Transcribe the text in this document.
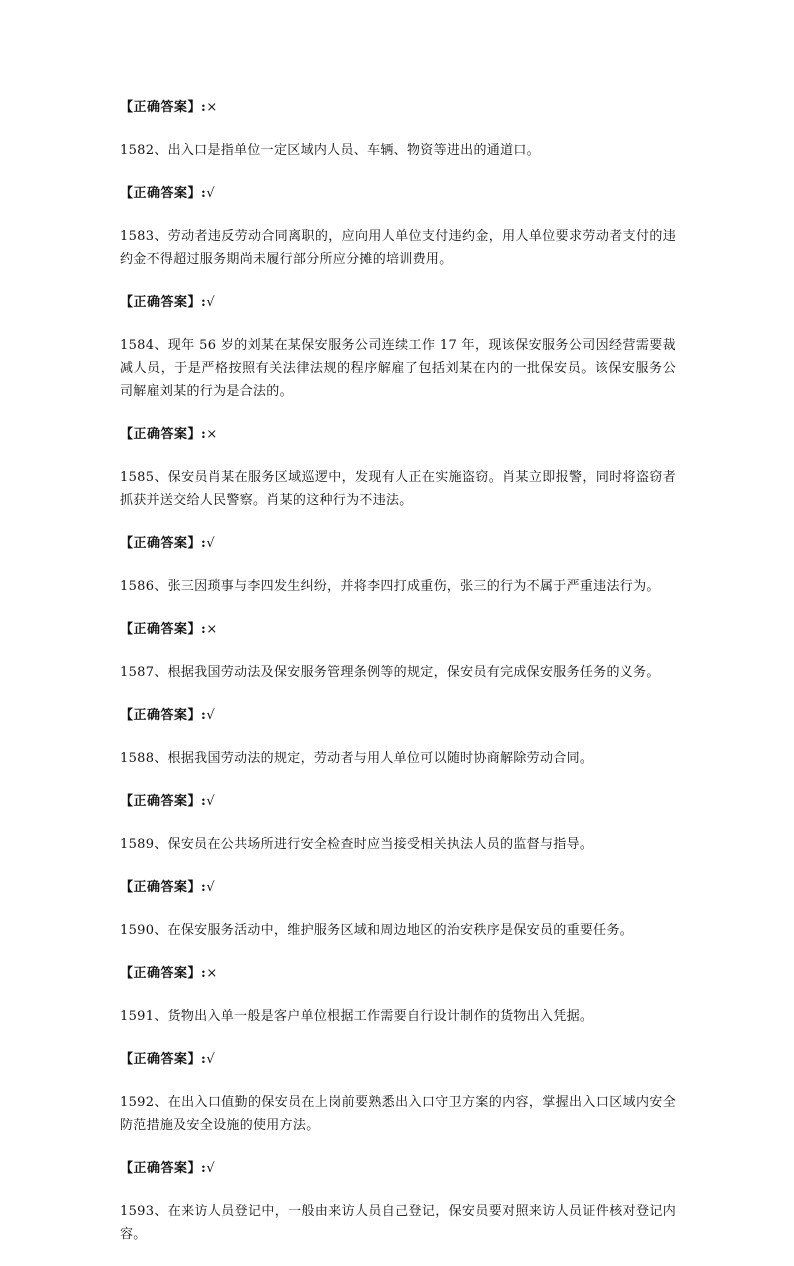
【正确答案】:×
1582、出入口是指单位一定区域内人员、车辆、物资等进出的通道口。
【正确答案】:√
1583、劳动者违反劳动合同离职的，应向用人单位支付违约金，用人单位要求劳动者支付的违约金不得超过服务期尚未履行部分所应分摊的培训费用。
【正确答案】:√
1584、现年 56 岁的刘某在某保安服务公司连续工作 17 年，现该保安服务公司因经营需要裁减人员，于是严格按照有关法律法规的程序解雇了包括刘某在内的一批保安员。该保安服务公司解雇刘某的行为是合法的。
【正确答案】:×
1585、保安员肖某在服务区域巡逻中，发现有人正在实施盗窃。肖某立即报警，同时将盗窃者抓获并送交给人民警察。肖某的这种行为不违法。
【正确答案】:√
1586、张三因琐事与李四发生纠纷，并将李四打成重伤，张三的行为不属于严重违法行为。
【正确答案】:×
1587、根据我国劳动法及保安服务管理条例等的规定，保安员有完成保安服务任务的义务。
【正确答案】:√
1588、根据我国劳动法的规定，劳动者与用人单位可以随时协商解除劳动合同。
【正确答案】:√
1589、保安员在公共场所进行安全检查时应当接受相关执法人员的监督与指导。
【正确答案】:√
1590、在保安服务活动中，维护服务区域和周边地区的治安秩序是保安员的重要任务。
【正确答案】:×
1591、货物出入单一般是客户单位根据工作需要自行设计制作的货物出入凭据。
【正确答案】:√
1592、在出入口值勤的保安员在上岗前要熟悉出入口守卫方案的内容，掌握出入口区域内安全防范措施及安全设施的使用方法。
【正确答案】:√
1593、在来访人员登记中，一般由来访人员自己登记，保安员要对照来访人员证件核对登记内容。
